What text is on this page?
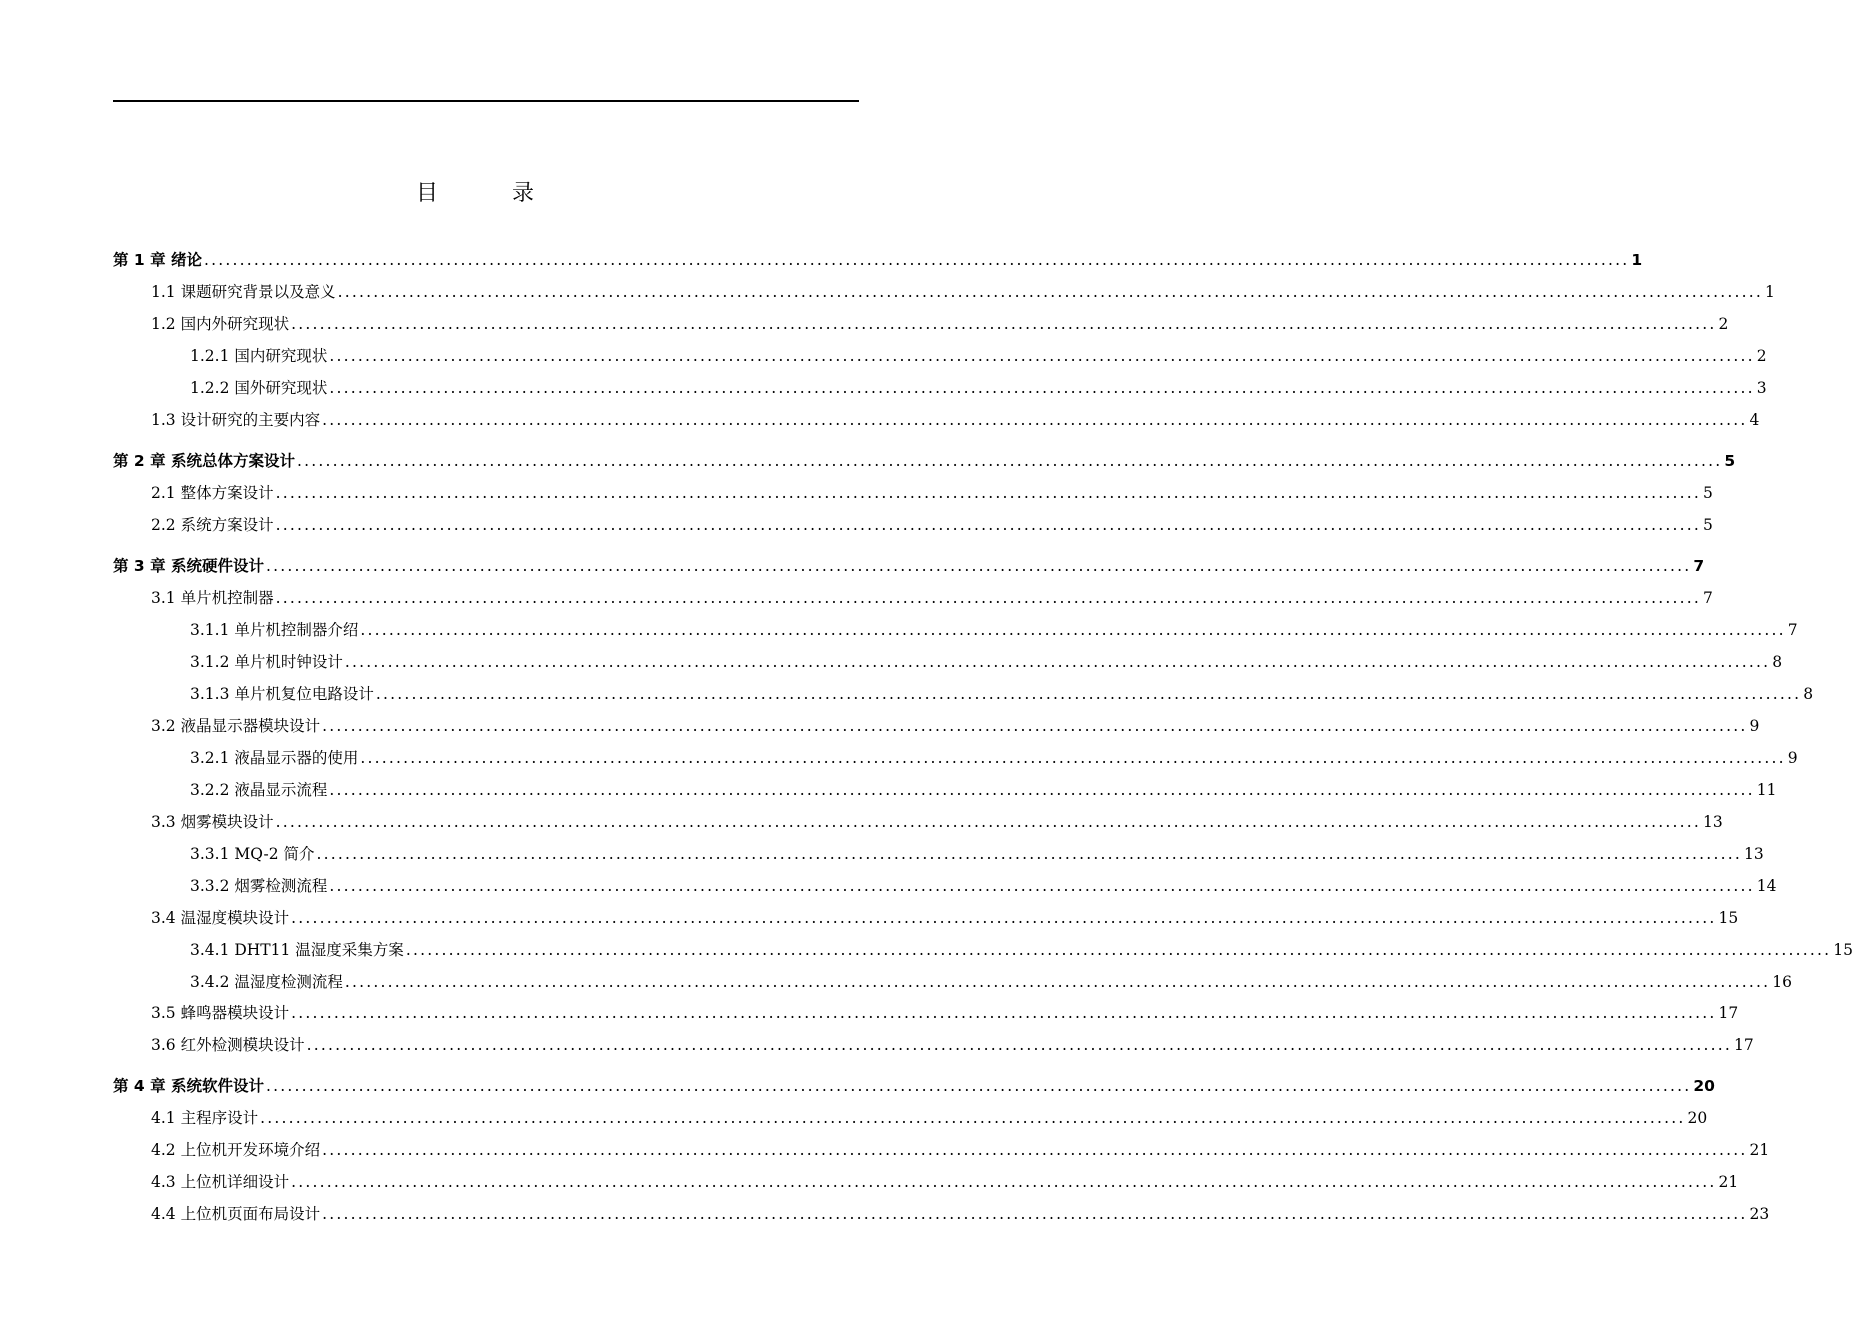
目　录
第 1 章 绪论 ........................................................................................................................................................................................................ 1
1.1 课题研究背景以及意义 ........................................................................................................................................................................................................ 1
1.2 国内外研究现状 ........................................................................................................................................................................................................ 2
1.2.1 国内研究现状 ........................................................................................................................................................................................................ 2
1.2.2 国外研究现状 ........................................................................................................................................................................................................ 3
1.3 设计研究的主要内容 ........................................................................................................................................................................................................ 4
第 2 章 系统总体方案设计 ........................................................................................................................................................................................................ 5
2.1 整体方案设计 ........................................................................................................................................................................................................ 5
2.2 系统方案设计 ........................................................................................................................................................................................................ 5
第 3 章 系统硬件设计 ........................................................................................................................................................................................................ 7
3.1 单片机控制器 ........................................................................................................................................................................................................ 7
3.1.1 单片机控制器介绍 ........................................................................................................................................................................................................ 7
3.1.2 单片机时钟设计 ........................................................................................................................................................................................................ 8
3.1.3 单片机复位电路设计 ........................................................................................................................................................................................................ 8
3.2 液晶显示器模块设计 ........................................................................................................................................................................................................ 9
3.2.1 液晶显示器的使用 ........................................................................................................................................................................................................ 9
3.2.2 液晶显示流程 ........................................................................................................................................................................................................ 11
3.3 烟雾模块设计 ........................................................................................................................................................................................................ 13
3.3.1 MQ-2 简介 ........................................................................................................................................................................................................ 13
3.3.2 烟雾检测流程 ........................................................................................................................................................................................................ 14
3.4 温湿度模块设计 ........................................................................................................................................................................................................ 15
3.4.1 DHT11 温湿度采集方案 ........................................................................................................................................................................................................ 15
3.4.2 温湿度检测流程 ........................................................................................................................................................................................................ 16
3.5 蜂鸣器模块设计 ........................................................................................................................................................................................................ 17
3.6 红外检测模块设计 ........................................................................................................................................................................................................ 17
第 4 章 系统软件设计 ........................................................................................................................................................................................................ 20
4.1 主程序设计 ........................................................................................................................................................................................................ 20
4.2 上位机开发环境介绍 ........................................................................................................................................................................................................ 21
4.3 上位机详细设计 ........................................................................................................................................................................................................ 21
4.4 上位机页面布局设计 ........................................................................................................................................................................................................ 23
